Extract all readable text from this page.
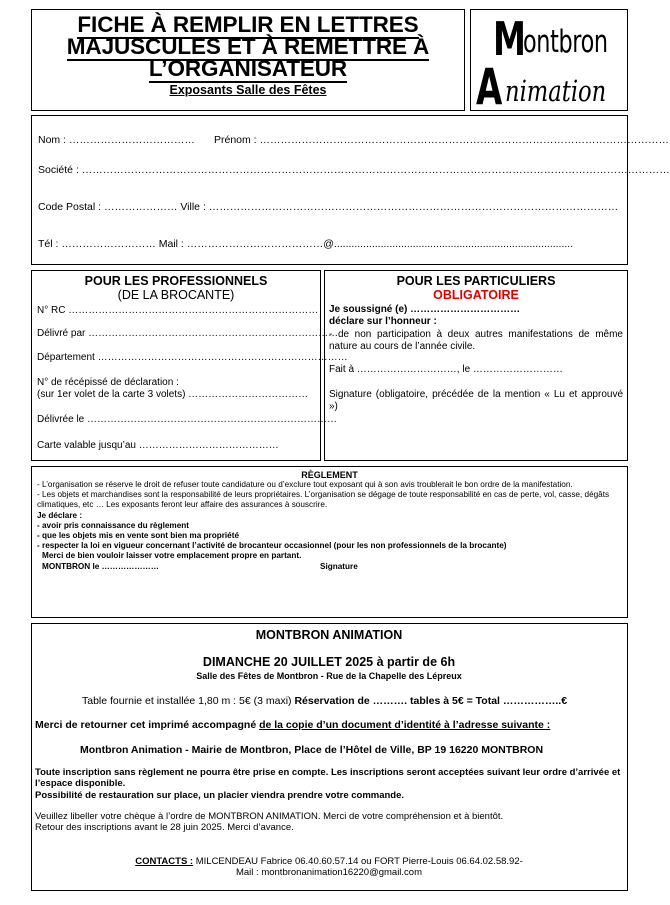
FICHE À REMPLIR EN LETTRES
MAJUSCULES ET À REMETTRE À
L’ORGANISATEUR
Exposants Salle des Fêtes
M
ontbron
A nimation
Nom : ………………………………	Prénom : ………………………………………………………………………………………………………
Société : ……………………………………………………………………………………………………………………………………………………
Code Postal : ………………… Ville : ………………………………………………………………………………………………………
Tél : ……………………… Mail : …………………………………@..................................................................................
POUR LES PROFESSIONNELS
(DE LA BROCANTE)
N° RC …………………………………………………………………
Délivré par …………………………………………………………………
Département …………………………………………………………………
N° de récépissé de déclaration :
(sur 1er volet de la carte 3 volets) ………………………………
Délivrée le …………………………………………………………………
Carte valable jusqu’au ……………………………………
POUR LES PARTICULIERS
OBLIGATOIRE
Je soussigné (e) ……………………………
déclare sur l’honneur :
- de non participation à deux autres manifestations de même nature au cours de l’année civile.
Fait à …………………………, le ………………………
Signature (obligatoire, précédée de la mention « Lu et approuvé »)
RÈGLEMENT
- L’organisation se réserve le droit de refuser toute candidature ou d’exclure tout exposant qui à son avis troublerait le bon ordre de la manifestation.
- Les objets et marchandises sont la responsabilité de leurs propriétaires. L’organisation se dégage de toute responsabilité en cas de perte, vol, casse, dégâts climatiques, etc … Les exposants feront leur affaire des assurances à souscrire.
Je déclare :
- avoir pris connaissance du règlement
- que les objets mis en vente sont bien ma propriété
- respecter la loi en vigueur concernant l’activité de brocanteur occasionnel (pour les non professionnels de la brocante)
Merci de bien vouloir laisser votre emplacement propre en partant.
MONTBRON le …………………	Signature
MONTBRON ANIMATION
DIMANCHE 20 JUILLET 2025 à partir de 6h
Salle des Fêtes de Montbron - Rue de la Chapelle des Lépreux
Table fournie et installée 1,80 m : 5€ (3 maxi) Réservation de ………. tables à 5€ = Total ……………..€
Merci de retourner cet imprimé accompagné de la copie d’un document d’identité à l’adresse suivante :
Montbron Animation - Mairie de Montbron, Place de l’Hôtel de Ville, BP 19 16220 MONTBRON
Toute inscription sans règlement ne pourra être prise en compte. Les inscriptions seront acceptées suivant leur ordre d’arrivée et l’espace disponible.
Possibilité de restauration sur place, un placier viendra prendre votre commande.
Veuillez libeller votre chèque à l’ordre de MONTBRON ANIMATION. Merci de votre compréhension et à bientôt.
Retour des inscriptions avant le 28 juin 2025. Merci d’avance.
CONTACTS : MILCENDEAU Fabrice 06.40.60.57.14 ou FORT Pierre-Louis 06.64.02.58.92-
Mail : montbronanimation16220@gmail.com
